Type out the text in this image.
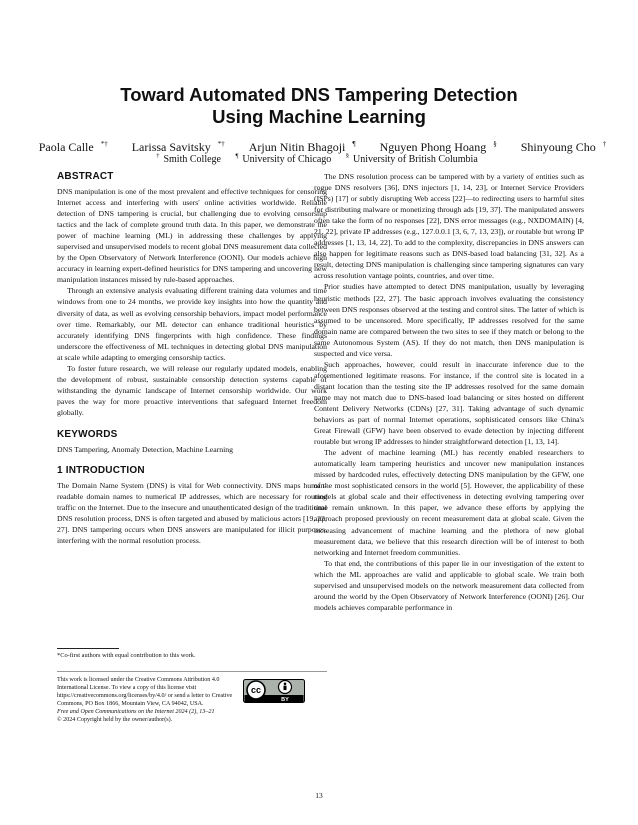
Toward Automated DNS Tampering Detection
Using Machine Learning
Paola Calle *† Larissa Savitsky *† Arjun Nitin Bhagoji ¶ Nguyen Phong Hoang § Shinyoung Cho †
† Smith College ¶ University of Chicago § University of British Columbia
ABSTRACT

DNS manipulation is one of the most prevalent and effective techniques for censoring Internet access and interfering with users' online activities worldwide. Reliable detection of DNS tampering is crucial, but challenging due to evolving censorship tactics and the lack of complete ground truth data. In this paper, we demonstrate the power of machine learning (ML) in addressing these challenges by applying supervised and unsupervised models to recent global DNS measurement data collected by the Open Observatory of Network Interference (OONI). Our models achieve high accuracy in learning expert-defined heuristics for DNS tampering and uncovering new manipulation instances missed by rule-based approaches.

Through an extensive analysis evaluating different training data volumes and time windows from one to 24 months, we provide key insights into how the quantity and diversity of data, as well as evolving censorship behaviors, impact model performance over time. Remarkably, our ML detector can enhance traditional heuristics by accurately identifying DNS fingerprints with high confidence. These findings underscore the effectiveness of ML techniques in detecting global DNS manipulation at scale while adapting to emerging censorship tactics.

To foster future research, we will release our regularly updated models, enabling the development of robust, sustainable censorship detection systems capable of withstanding the dynamic landscape of Internet censorship worldwide. Our work paves the way for more proactive interventions that safeguard Internet freedom globally.

KEYWORDS

DNS Tampering, Anomaly Detection, Machine Learning

1 INTRODUCTION

The Domain Name System (DNS) is vital for Web connectivity. DNS maps human-readable domain names to numerical IP addresses, which are necessary for routing traffic on the Internet. Due to the insecure and unauthenticated design of the traditional DNS resolution process, DNS is often targeted and abused by malicious actors [19, 22, 27]. DNS tampering occurs when DNS answers are manipulated for illicit purposes, interfering with the normal resolution process.

The DNS resolution process can be tampered with by a variety of entities such as rogue DNS resolvers [36], DNS injectors [1, 14, 23], or Internet Service Providers (ISPs) [17] or subtly disrupting Web access [22]—to redirecting users to harmful sites for distributing malware or monetizing through ads [19, 37]. The manipulated answers often take the form of no responses [22], DNS error messages (e.g., NXDOMAIN) [4, 21, 22], private IP addresses (e.g., 127.0.0.1 [3, 6, 7, 13, 23]), or routable but wrong IP addresses [1, 13, 14, 22]. To add to the complexity, discrepancies in DNS answers can also happen for legitimate reasons such as DNS-based load balancing [31, 32]. As a result, detecting DNS manipulation is challenging since tampering signatures can vary across resolution vantage points, countries, and over time.

Prior studies have attempted to detect DNS manipulation, usually by leveraging heuristic methods [22, 27]. The basic approach involves evaluating the consistency between DNS responses observed at the testing and control sites. The latter of which is assumed to be uncensored. More specifically, IP addresses resolved for the same domain name are compared between the two sites to see if they match or belong to the same Autonomous System (AS). If they do not match, then DNS manipulation is suspected and vice versa.

Such approaches, however, could result in inaccurate inference due to the aforementioned legitimate reasons. For instance, if the control site is located in a distant location than the testing site the IP addresses resolved for the same domain name may not match due to DNS-based load balancing or sites hosted on different Content Delivery Networks (CDNs) [27, 31]. Taking advantage of such dynamic behaviors as part of normal Internet operations, sophisticated censors like China's Great Firewall (GFW) have been observed to evade detection by injecting different routable but wrong IP addresses to hinder straightforward detection [1, 13, 14].

The advent of machine learning (ML) has recently enabled researchers to automatically learn tampering heuristics and uncover new manipulation instances missed by hardcoded rules, effectively detecting DNS manipulation by the GFW, one of the most sophisticated censors in the world [5]. However, the applicability of these models at global scale and their effectiveness in detecting evolving tampering over time remain unknown. In this paper, we advance these efforts by applying the approach proposed previously on recent measurement data at global scale. Given the increasing advancement of machine learning and the plethora of new global measurement data, we believe that this research direction will be of interest to both networking and Internet freedom communities.

To that end, the contributions of this paper lie in our investigation of the extent to which the ML approaches are valid and applicable to global scale. We train both supervised and unsupervised models on the network measurement data collected from around the world by the Open Observatory of Network Interference (OONI) [26]. Our models achieves comparable performance in

*Co-first authors with equal contribution to this work.
This work is licensed under the Creative Commons Attribution 4.0 International License. To view a copy of this license visit https://creativecommons.org/licenses/by/4.0/ or send a letter to Creative Commons, PO Box 1866, Mountain View, CA 94042, USA.
Free and Open Communications on the Internet 2024 (2), 13–21
© 2024 Copyright held by the owner/author(s).
cc
BY
13
